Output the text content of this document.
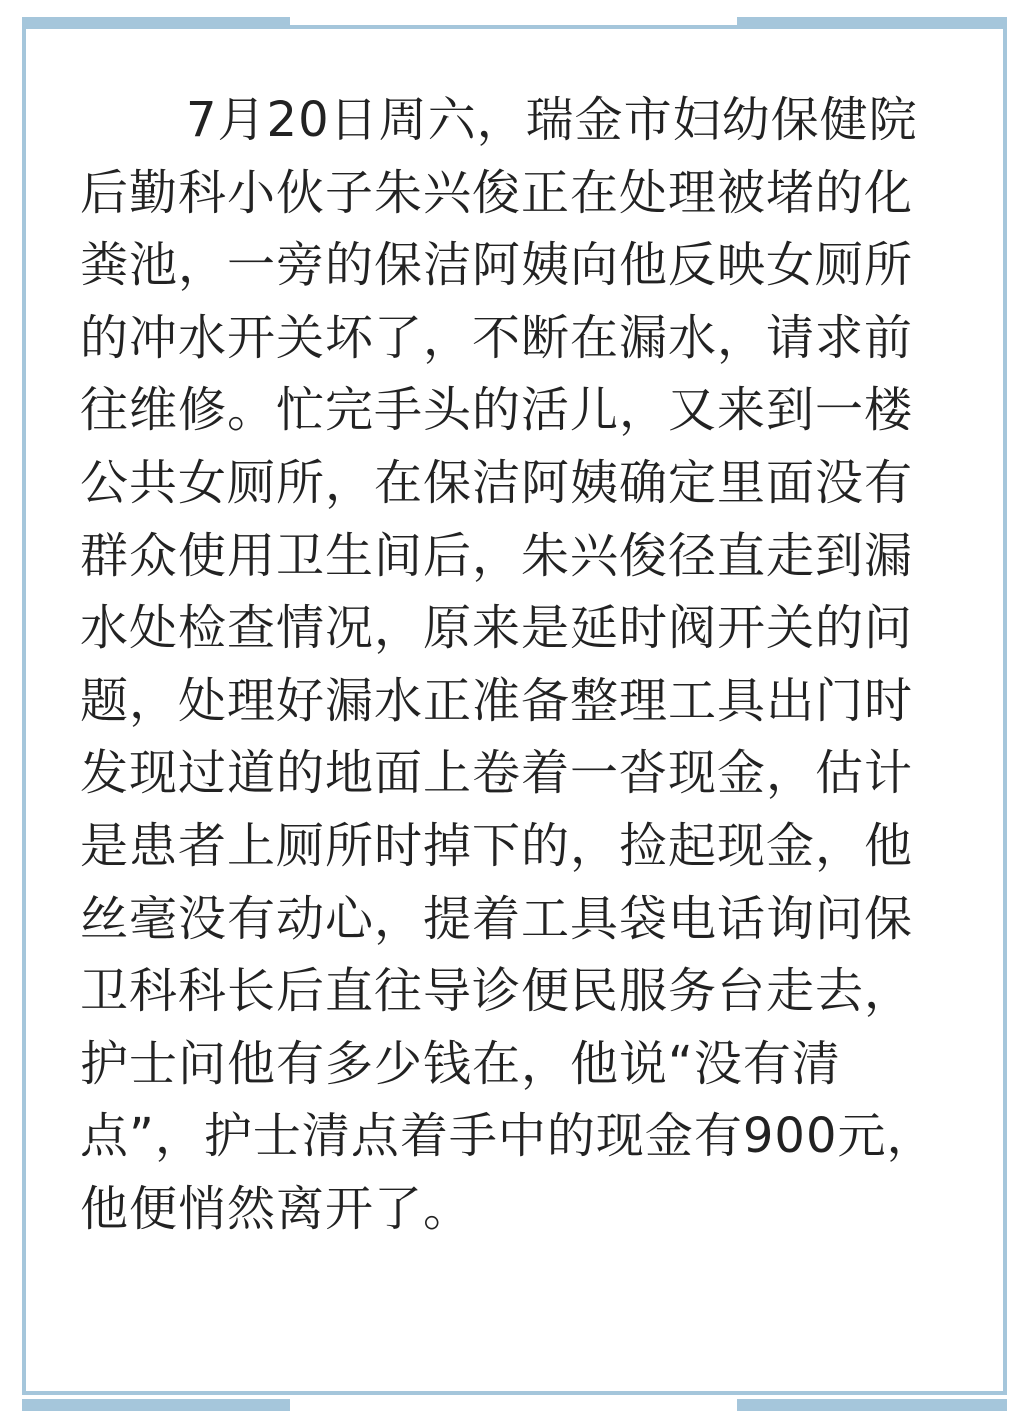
7月20日周六，瑞金市妇幼保健院
后勤科小伙子朱兴俊正在处理被堵的化
粪池，一旁的保洁阿姨向他反映女厕所
的冲水开关坏了，不断在漏水，请求前
往维修。忙完手头的活儿，又来到一楼
公共女厕所，在保洁阿姨确定里面没有
群众使用卫生间后，朱兴俊径直走到漏
水处检查情况，原来是延时阀开关的问
题，处理好漏水正准备整理工具出门时
发现过道的地面上卷着一沓现金，估计
是患者上厕所时掉下的，捡起现金，他
丝毫没有动心，提着工具袋电话询问保
卫科科长后直往导诊便民服务台走去，
护士问他有多少钱在，他说“没有清
点”，护士清点着手中的现金有900元，
他便悄然离开了。
